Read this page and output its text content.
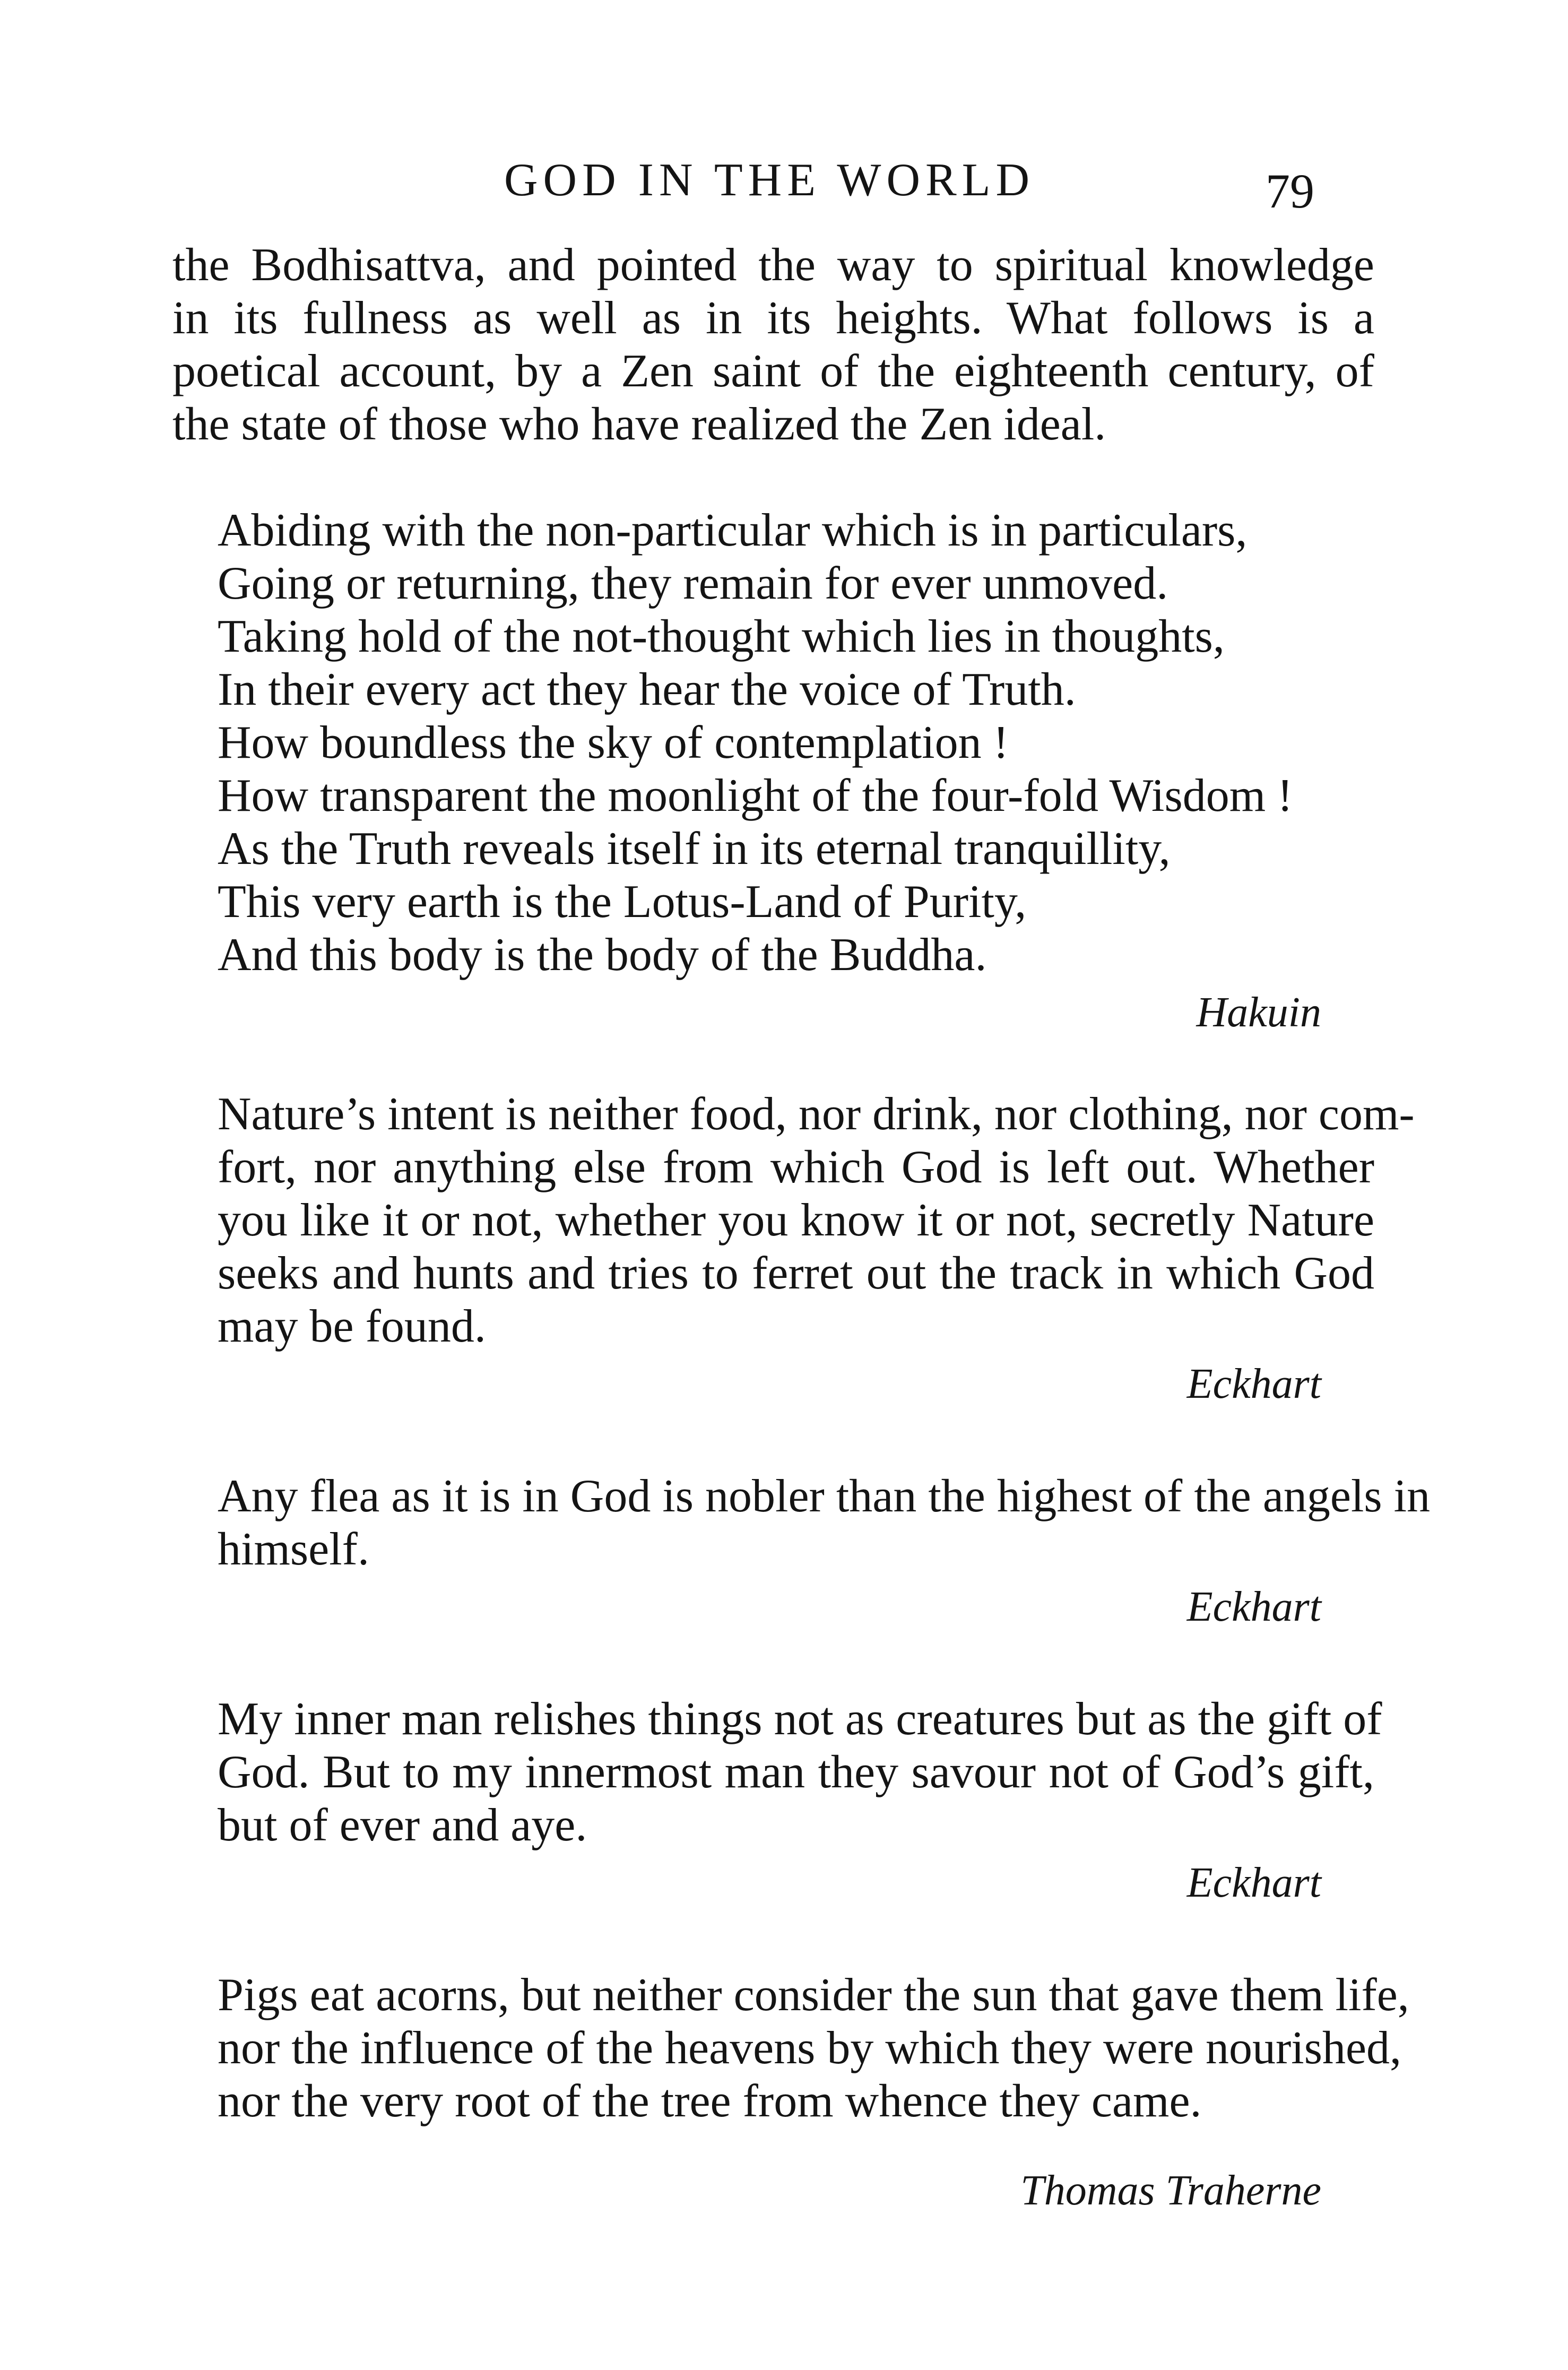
GOD IN THE WORLD	79
the Bodhisattva, and pointed the way to spiritual knowledge
in its fullness as well as in its heights. What follows is a
poetical account, by a Zen saint of the eighteenth century, of
the state of those who have realized the Zen ideal.
Abiding with the non-particular which is in particulars,
Going or returning, they remain for ever unmoved.
Taking hold of the not-thought which lies in thoughts,
In their every act they hear the voice of Truth.
How boundless the sky of contemplation !
How transparent the moonlight of the four-fold Wisdom !
As the Truth reveals itself in its eternal tranquillity,
This very earth is the Lotus-Land of Purity,
And this body is the body of the Buddha.
Hakuin
Nature’s intent is neither food, nor drink, nor clothing, nor com-
fort, nor anything else from which God is left out. Whether
you like it or not, whether you know it or not, secretly Nature
seeks and hunts and tries to ferret out the track in which God
may be found.
Eckhart
Any flea as it is in God is nobler than the highest of the angels in
himself.
Eckhart
My inner man relishes things not as creatures but as the gift of
God. But to my innermost man they savour not of God’s gift,
but of ever and aye.
Eckhart
Pigs eat acorns, but neither consider the sun that gave them life,
nor the influence of the heavens by which they were nourished,
nor the very root of the tree from whence they came.
Thomas Traherne
